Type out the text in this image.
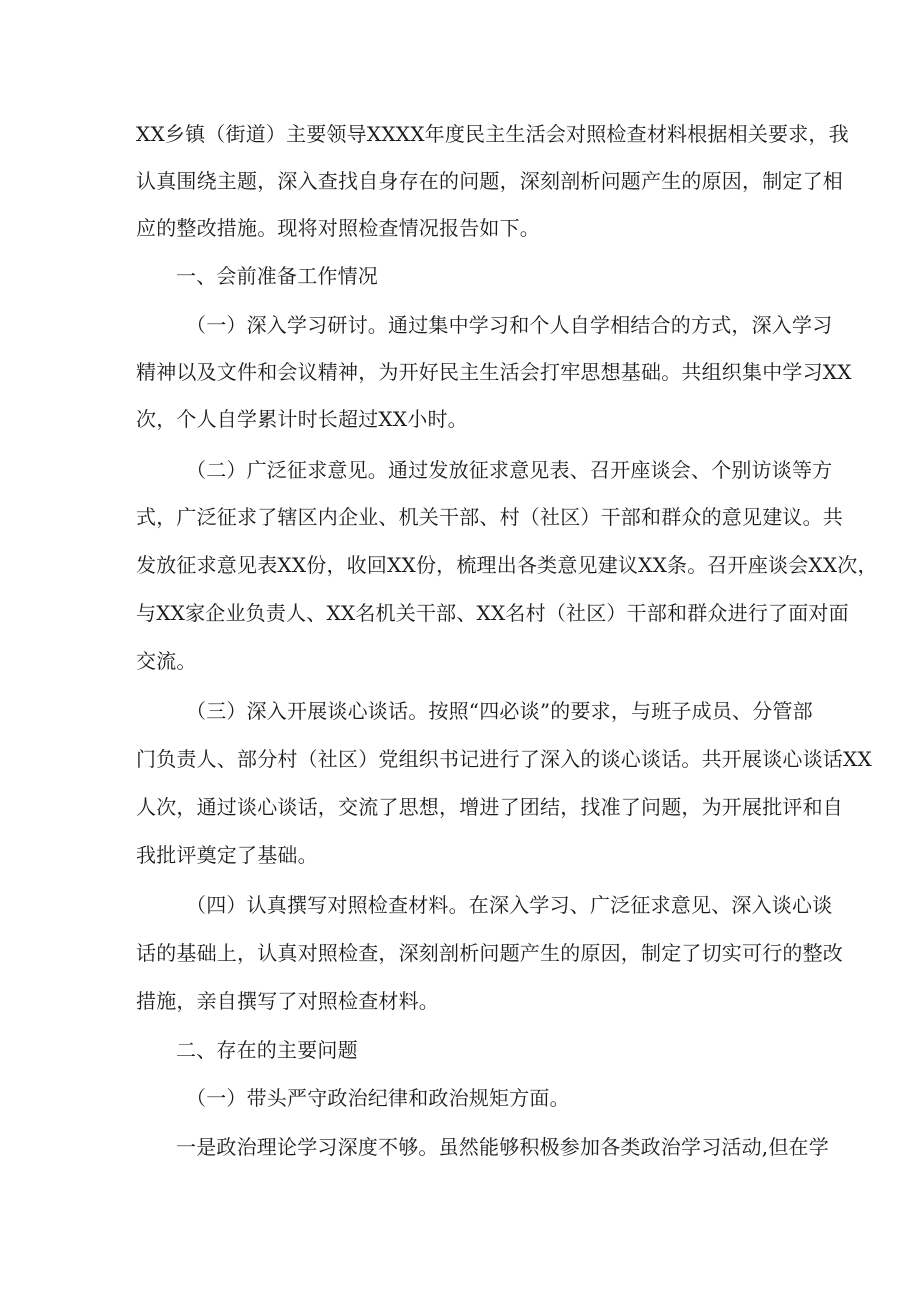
XX乡镇（街道）主要领导XXXX年度民主生活会对照检查材料根据相关要求，我
认真围绕主题，深入查找自身存在的问题，深刻剖析问题产生的原因，制定了相
应的整改措施。现将对照检查情况报告如下。
一、会前准备工作情况
（一）深入学习研讨。通过集中学习和个人自学相结合的方式，深入学习
精神以及文件和会议精神，为开好民主生活会打牢思想基础。共组织集中学习XX
次，个人自学累计时长超过XX小时。
（二）广泛征求意见。通过发放征求意见表、召开座谈会、个别访谈等方
式，广泛征求了辖区内企业、机关干部、村（社区）干部和群众的意见建议。共
发放征求意见表XX份，收回XX份，梳理出各类意见建议XX条。召开座谈会XX次，
与XX家企业负责人、XX名机关干部、XX名村（社区）干部和群众进行了面对面
交流。
（三）深入开展谈心谈话。按照“四必谈”的要求，与班子成员、分管部
门负责人、部分村（社区）党组织书记进行了深入的谈心谈话。共开展谈心谈话XX
人次，通过谈心谈话，交流了思想，增进了团结，找准了问题，为开展批评和自
我批评奠定了基础。
（四）认真撰写对照检查材料。在深入学习、广泛征求意见、深入谈心谈
话的基础上，认真对照检查，深刻剖析问题产生的原因，制定了切实可行的整改
措施，亲自撰写了对照检查材料。
二、存在的主要问题
（一）带头严守政治纪律和政治规矩方面。
一是政治理论学习深度不够。虽然能够积极参加各类政治学习活动,但在学
